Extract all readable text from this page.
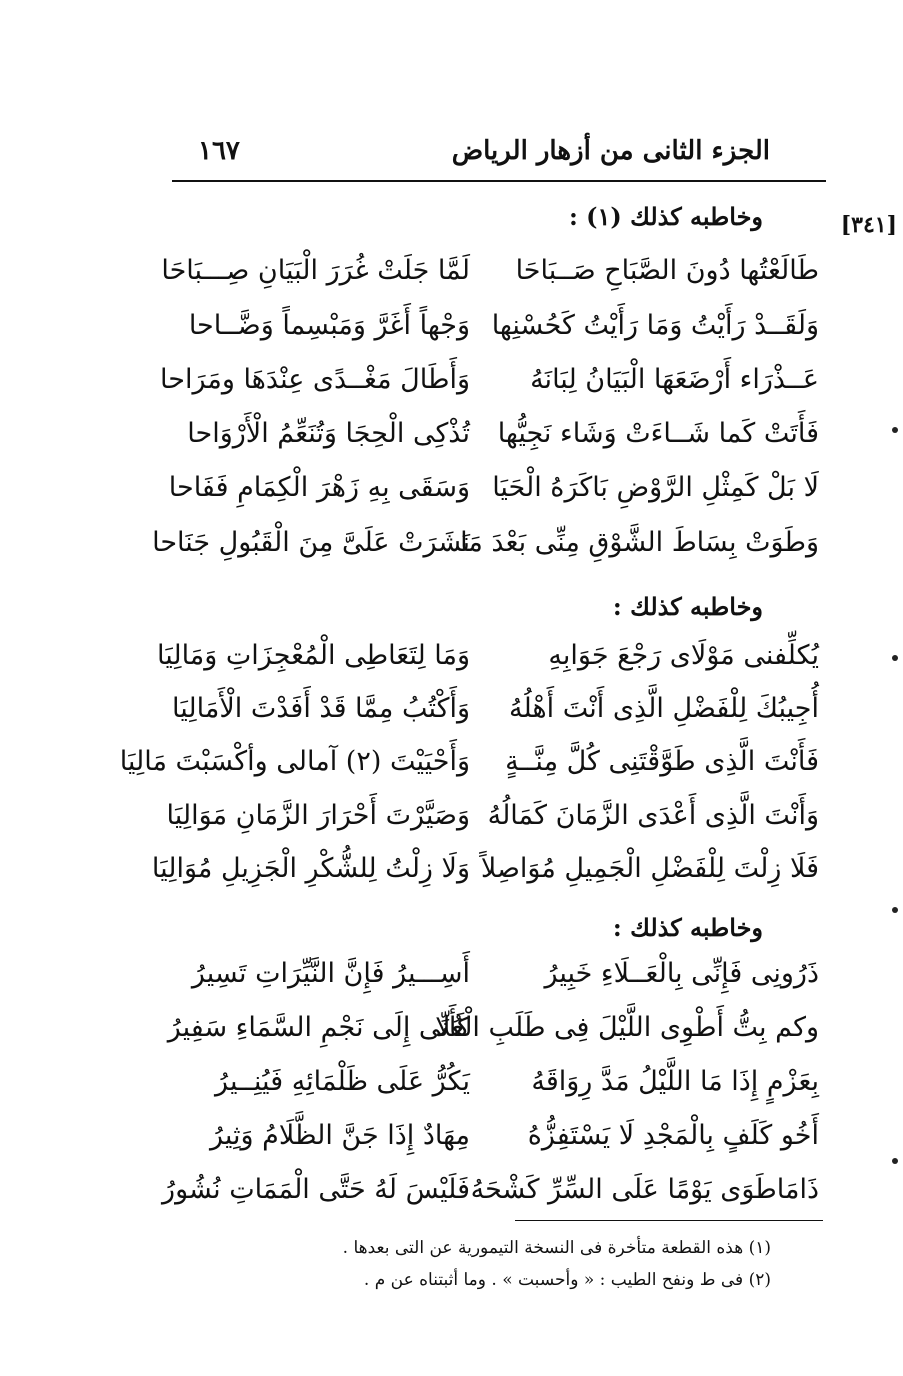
الجزء الثانى من أزهار الرياض
١٦٧
[٣٤١]
وخاطبه كذلك (١) :
طَالَعْتُها دُونَ الصَّبَاحِ صَــبَاحَا
لَمَّا جَلَتْ غُرَرَ الْبَيَانِ صِـــبَاحَا
وَلَقَــدْ رَأَيْتُ وَمَا رَأَيْتُ كَحُسْنِها
وَجْهاً أَغَرَّ وَمَبْسِماً وَضَّــاحا
عَــذْرَاء أَرْضَعَهَا الْبَيَانُ لِبَانَهُ
وَأَطَالَ مَغْــدًى عِنْدَهَا ومَرَاحا
فَأَتَتْ كَما شَــاءَتْ وَشَاء نَجِيُّها
تُذْكِى الْحِجَا وَتُنَعِّمُ الْأَرْوَاحا
لَا بَلْ كَمِثْلِ الرَّوْضِ بَاكَرَهُ الْحَيَا
وَسَقَى بِهِ زَهْرَ الْكِمَامِ فَفَاحا
وَطَوَتْ بِسَاطَ الشَّوْقِ مِنِّى بَعْدَ مَا
نَشَرَتْ عَلَىَّ مِنَ الْقَبُولِ جَنَاحا
وخاطبه كذلك :
يُكلِّفنى مَوْلَاى رَجْعَ جَوَابِهِ
وَمَا لِتَعَاطِى الْمُعْجِزَاتِ وَمَالِيَا
أُجِيبُكَ لِلْفَضْلِ الَّذِى أَنْتَ أَهْلُهُ
وَأَكْتُبُ مِمَّا قَدْ أَفَدْتَ الْأَمَالِيَا
فَأَنْتَ الَّذِى طَوَّقْتَنِى كُلَّ مِنَّــةٍ
وَأَحْيَيْتَ (٢) آمالى وأكْسَبْتَ مَالِيَا
وَأَنْتَ الَّذِى أَعْدَى الزَّمَانَ كَمَالُهُ
وَصَيَّرْتَ أَحْرَارَ الزَّمَانِ مَوَالِيَا
فَلَا زِلْتَ لِلْفَضْلِ الْجَمِيلِ مُوَاصِلاً
وَلَا زِلْتُ لِلشُّكْرِ الْجَزِيلِ مُوَالِيَا
وخاطبه كذلك :
ذَرُونِى فَإِنِّى بِالْعَــلَاءِ خَبِيرُ
أَسِـــيرُ فَإِنَّ النَّيِّرَاتِ تَسِيرُ
وكم بِتُّ أَطْوِى اللَّيْلَ فِى طَلَبِ الْعُلا
كَأَنِّى إِلَى نَجْمِ السَّمَاءِ سَفِيرُ
بِعَزْمٍ إِذَا مَا اللَّيْلُ مَدَّ رِوَاقَهُ
يَكُرُّ عَلَى ظَلْمَائِهِ فَيُنِــيرُ
أَخُو كَلَفٍ بِالْمَجْدِ لَا يَسْتَفِزُّهُ
مِهَادٌ إِذَا جَنَّ الظَّلَامُ وَثِيرُ
ذَامَاطَوَى يَوْمًا عَلَى السِّرِّ كَشْحَهُ
فَلَيْسَ لَهُ حَتَّى الْمَمَاتِ نُشُورُ
(١) هذه القطعة متأخرة فى النسخة التيمورية عن التى بعدها .
(٢) فى ط ونفح الطيب : « وأحسبت » . وما أثبتناه عن م .
